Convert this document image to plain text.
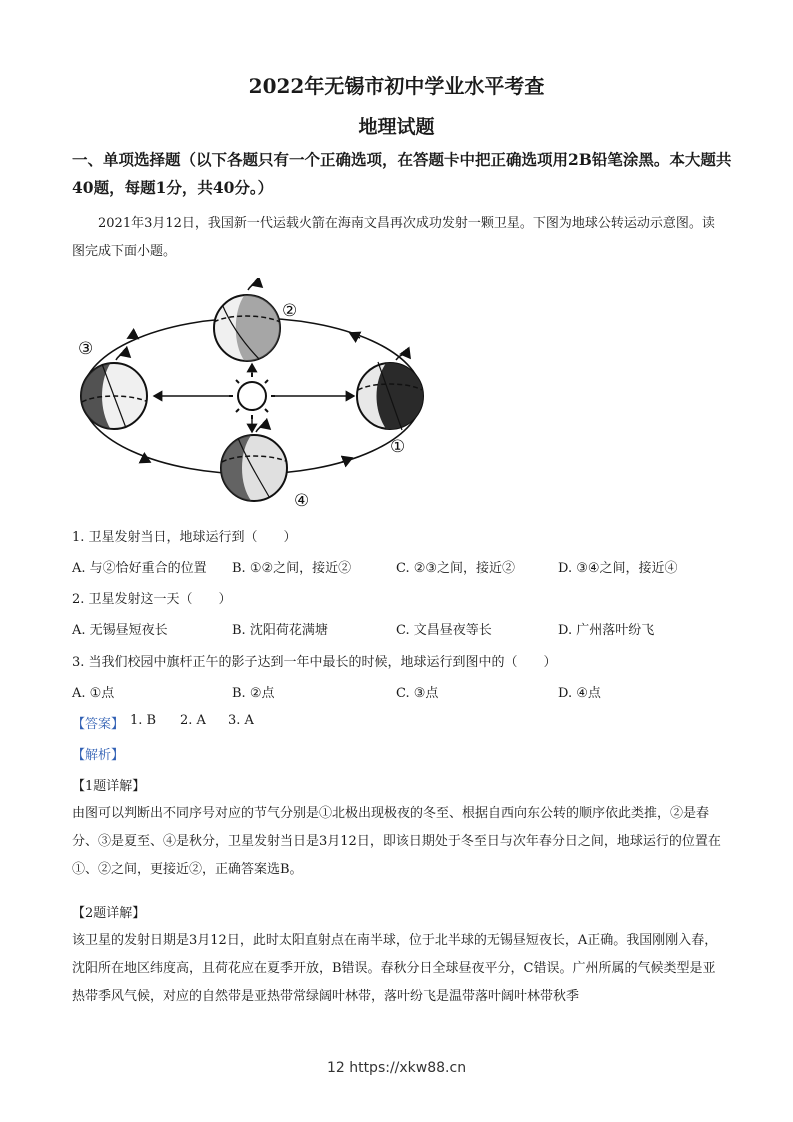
2022年无锡市初中学业水平考查
地理试题
一、单项选择题（以下各题只有一个正确选项，在答题卡中把正确选项用2B铅笔涂黑。本大题共40题，每题1分，共40分。）
2021年3月12日，我国新一代运载火箭在海南文昌再次成功发射一颗卫星。下图为地球公转运动示意图。读图完成下面小题。
①
②
③
④
1. 卫星发射当日，地球运行到（　　）
A. 与②恰好重合的位置 B. ①②之间，接近②	C. ②③之间，接近②	D. ③④之间，接近④
2. 卫星发射这一天（　　）
A. 无锡昼短夜长	B. 沈阳荷花满塘	C. 文昌昼夜等长	D. 广州落叶纷飞
3. 当我们校园中旗杆正午的影子达到一年中最长的时候，地球运行到图中的（　　）
A. ①点	B. ②点	C. ③点	D. ④点
【答案】 1. B 2. A 3. A
【解析】
【1题详解】
由图可以判断出不同序号对应的节气分别是①北极出现极夜的冬至、根据自西向东公转的顺序依此类推，②是春分、③是夏至、④是秋分，卫星发射当日是3月12日，即该日期处于冬至日与次年春分日之间，地球运行的位置在①、②之间，更接近②，正确答案选B。
【2题详解】
该卫星的发射日期是3月12日，此时太阳直射点在南半球，位于北半球的无锡昼短夜长，A正确。我国刚刚入春，沈阳所在地区纬度高，且荷花应在夏季开放，B错误。春秋分日全球昼夜平分，C错误。广州所属的气候类型是亚热带季风气候，对应的自然带是亚热带常绿阔叶林带，落叶纷飞是温带落叶阔叶林带秋季
12 https://xkw88.cn
